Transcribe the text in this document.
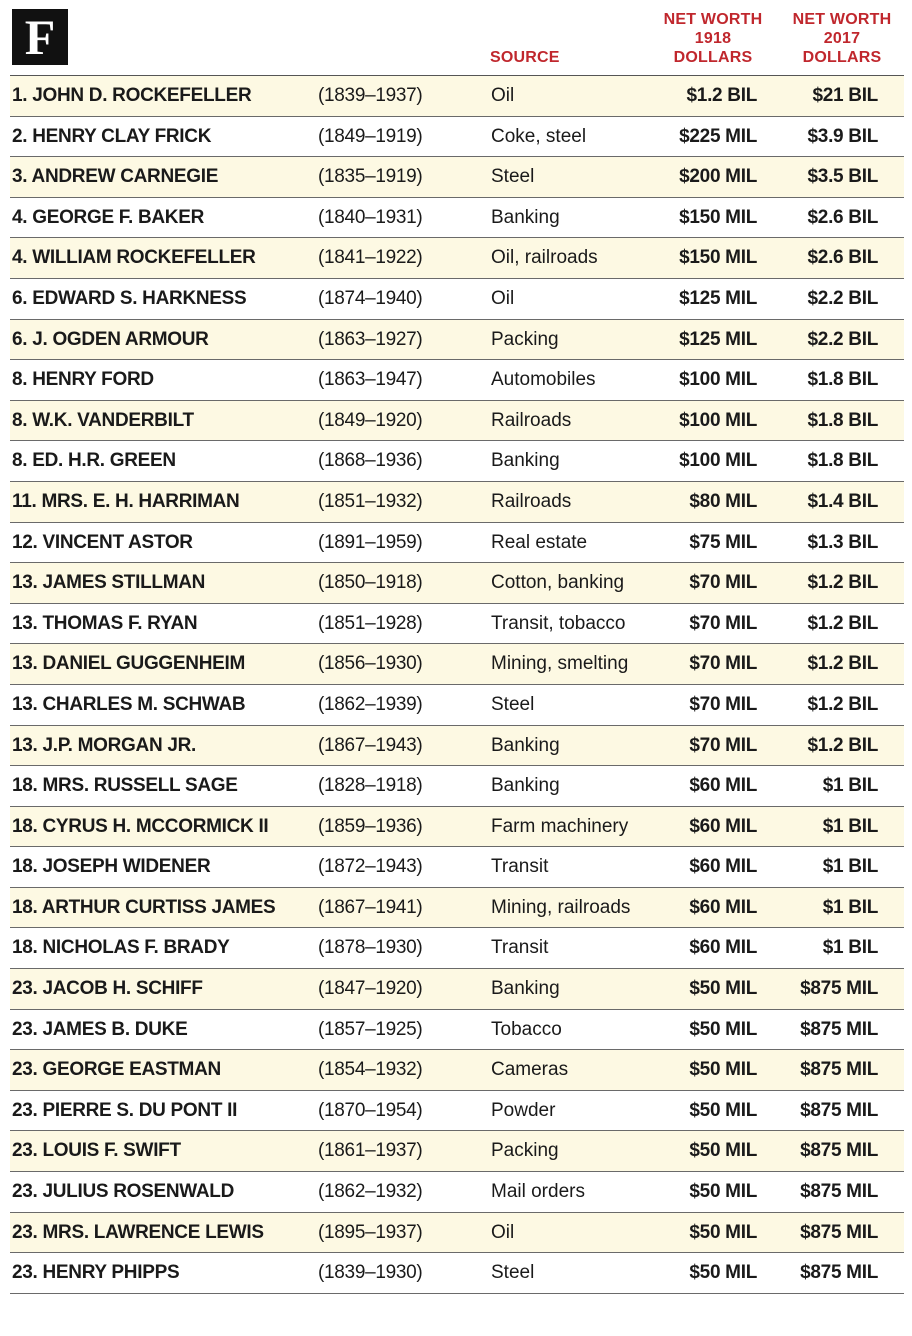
F	SOURCE
NET WORTH
1918
DOLLARS
NET WORTH
2017
DOLLARS
1. JOHN D. ROCKEFELLER	(1839–1937)	Oil	$1.2 BIL	$21 BIL
2. HENRY CLAY FRICK	(1849–1919)	Coke, steel	$225 MIL	$3.9 BIL
3. ANDREW CARNEGIE	(1835–1919)	Steel	$200 MIL	$3.5 BIL
4. GEORGE F. BAKER	(1840–1931)	Banking	$150 MIL	$2.6 BIL
4. WILLIAM ROCKEFELLER	(1841–1922)	Oil, railroads	$150 MIL	$2.6 BIL
6. EDWARD S. HARKNESS	(1874–1940)	Oil	$125 MIL	$2.2 BIL
6. J. OGDEN ARMOUR	(1863–1927)	Packing	$125 MIL	$2.2 BIL
8. HENRY FORD	(1863–1947)	Automobiles	$100 MIL	$1.8 BIL
8. W.K. VANDERBILT	(1849–1920)	Railroads	$100 MIL	$1.8 BIL
8. ED. H.R. GREEN	(1868–1936)	Banking	$100 MIL	$1.8 BIL
11. MRS. E. H. HARRIMAN	(1851–1932)	Railroads	$80 MIL	$1.4 BIL
12. VINCENT ASTOR	(1891–1959)	Real estate	$75 MIL	$1.3 BIL
13. JAMES STILLMAN	(1850–1918)	Cotton, banking	$70 MIL	$1.2 BIL
13. THOMAS F. RYAN	(1851–1928)	Transit, tobacco	$70 MIL	$1.2 BIL
13. DANIEL GUGGENHEIM	(1856–1930)	Mining, smelting	$70 MIL	$1.2 BIL
13. CHARLES M. SCHWAB	(1862–1939)	Steel	$70 MIL	$1.2 BIL
13. J.P. MORGAN JR.	(1867–1943)	Banking	$70 MIL	$1.2 BIL
18. MRS. RUSSELL SAGE	(1828–1918)	Banking	$60 MIL	$1 BIL
18. CYRUS H. MCCORMICK II	(1859–1936)	Farm machinery	$60 MIL	$1 BIL
18. JOSEPH WIDENER	(1872–1943)	Transit	$60 MIL	$1 BIL
18. ARTHUR CURTISS JAMES (1867–1941)	Mining, railroads	$60 MIL	$1 BIL
18. NICHOLAS F. BRADY	(1878–1930)	Transit	$60 MIL	$1 BIL
23. JACOB H. SCHIFF	(1847–1920)	Banking	$50 MIL $875 MIL
23. JAMES B. DUKE	(1857–1925)	Tobacco	$50 MIL $875 MIL
23. GEORGE EASTMAN	(1854–1932)	Cameras	$50 MIL $875 MIL
23. PIERRE S. DU PONT II	(1870–1954)	Powder	$50 MIL $875 MIL
23. LOUIS F. SWIFT	(1861–1937)	Packing	$50 MIL $875 MIL
23. JULIUS ROSENWALD	(1862–1932)	Mail orders	$50 MIL $875 MIL
23. MRS. LAWRENCE LEWIS	(1895–1937)	Oil	$50 MIL $875 MIL
23. HENRY PHIPPS	(1839–1930)	Steel	$50 MIL $875 MIL
